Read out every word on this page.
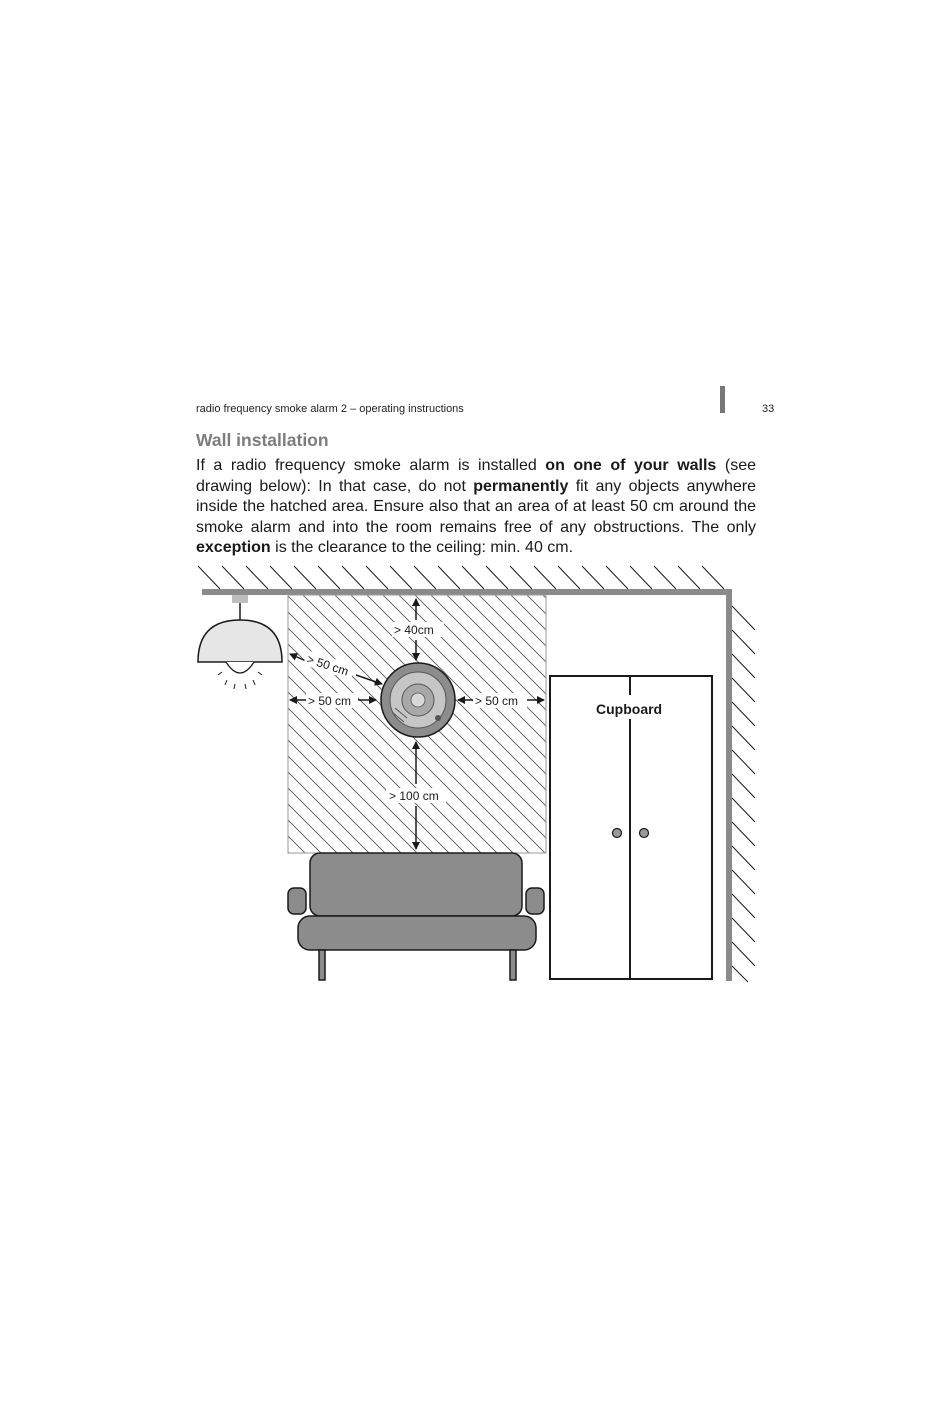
radio frequency smoke alarm 2 – operating instructions	33
Wall installation

If a radio frequency smoke alarm is installed on one of your walls (see drawing below): In that case, do not permanently fit any objects anywhere inside the hatched area. Ensure also that an area of at least 50 cm around the smoke alarm and into the room remains free of any obstructions. The only exception is the clearance to the ceiling: min. 40 cm.

> 40cm
> 50 cm	> 50 cm
> 100 cm
> 50 cm
Cupboard
